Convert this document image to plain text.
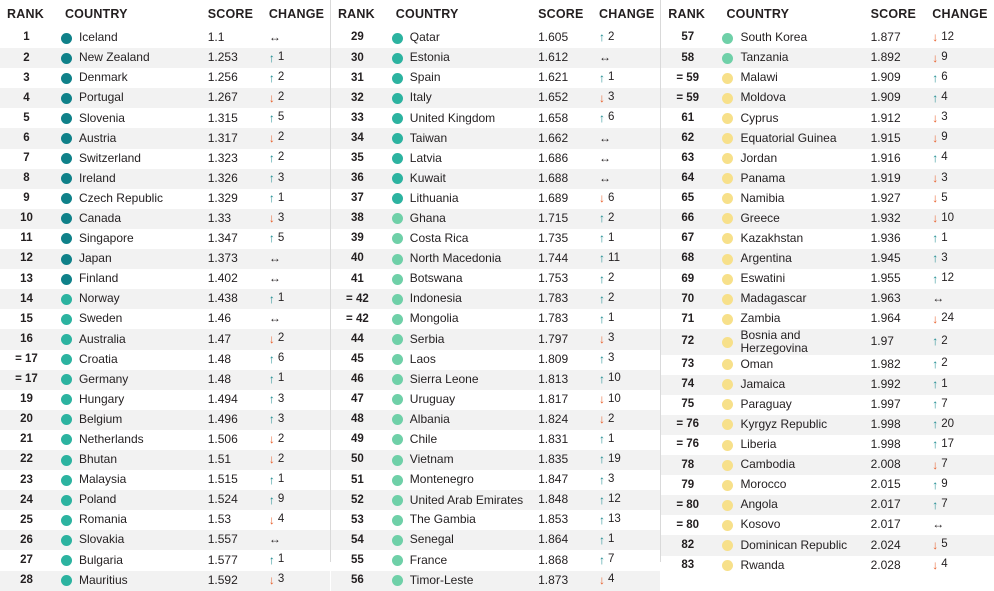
RANK	COUNTRY	SCORE	CHANGE
1	Iceland	1.1	↔

2	New Zealand	1.253	↑ 1

3	Denmark	1.256	↑ 2

4	Portugal	1.267	↓ 2

5	Slovenia	1.315	↑ 5

6	Austria	1.317	↓ 2

7	Switzerland	1.323	↑ 2

8	Ireland	1.326	↑ 3

9	Czech Republic	1.329	↑ 1

10	Canada	1.33	↓ 3

11	Singapore	1.347	↑ 5

12	Japan	1.373	↔

13	Finland	1.402	↔

14	Norway	1.438	↑ 1

15	Sweden	1.46	↔

16	Australia	1.47	↓ 2

= 17	Croatia	1.48	↑ 6

= 17	Germany	1.48	↑ 1

19	Hungary	1.494	↑ 3

20	Belgium	1.496	↑ 3

21	Netherlands	1.506	↓ 2

22	Bhutan	1.51	↓ 2

23	Malaysia	1.515	↑ 1

24	Poland	1.524	↑ 9

25	Romania	1.53	↓ 4

26	Slovakia	1.557	↔

27	Bulgaria	1.577	↑ 1

28	Mauritius	1.592	↓ 3
RANK	COUNTRY	SCORE	CHANGE
29	Qatar	1.605	↑ 2

30	Estonia	1.612	↔

31	Spain	1.621	↑ 1

32	Italy	1.652	↓ 3

33	United Kingdom	1.658	↑ 6

34	Taiwan	1.662	↔

35	Latvia	1.686	↔

36	Kuwait	1.688	↔

37	Lithuania	1.689	↓ 6

38	Ghana	1.715	↑ 2

39	Costa Rica	1.735	↑ 1

40	North Macedonia	1.744	↑ 11

41	Botswana	1.753	↑ 2

= 42	Indonesia	1.783	↑ 2

= 42	Mongolia	1.783	↑ 1

44	Serbia	1.797	↓ 3

45	Laos	1.809	↑ 3

46	Sierra Leone	1.813	↑ 10

47	Uruguay	1.817	↓ 10

48	Albania	1.824	↓ 2

49	Chile	1.831	↑ 1

50	Vietnam	1.835	↑ 19

51	Montenegro	1.847	↑ 3

52	United Arab Emirates	1.848	↑ 12

53	The Gambia	1.853	↑ 13

54	Senegal	1.864	↑ 1

55	France	1.868	↑ 7

56	Timor-Leste	1.873	↓ 4
RANK	COUNTRY	SCORE	CHANGE
57	South Korea	1.877	↓ 12

58	Tanzania	1.892	↓ 9

= 59	Malawi	1.909	↑ 6

= 59	Moldova	1.909	↑ 4

61	Cyprus	1.912	↓ 3

62	Equatorial Guinea	1.915	↓ 9

63	Jordan	1.916	↑ 4

64	Panama	1.919	↓ 3

65	Namibia	1.927	↓ 5

66	Greece	1.932	↓ 10

67	Kazakhstan	1.936	↑ 1

68	Argentina	1.945	↑ 3

69	Eswatini	1.955	↑ 12

70	Madagascar	1.963	↔

71	Zambia	1.964	↓ 24

72	Bosnia and Herzegovina	1.97	↑ 2

73	Oman	1.982	↑ 2

74	Jamaica	1.992	↑ 1

75	Paraguay	1.997	↑ 7

= 76	Kyrgyz Republic	1.998	↑ 20

= 76	Liberia	1.998	↑ 17

78	Cambodia	2.008	↓ 7

79	Morocco	2.015	↑ 9

= 80	Angola	2.017	↑ 7

= 80	Kosovo	2.017	↔

82	Dominican Republic	2.024	↓ 5

83	Rwanda	2.028	↓ 4
